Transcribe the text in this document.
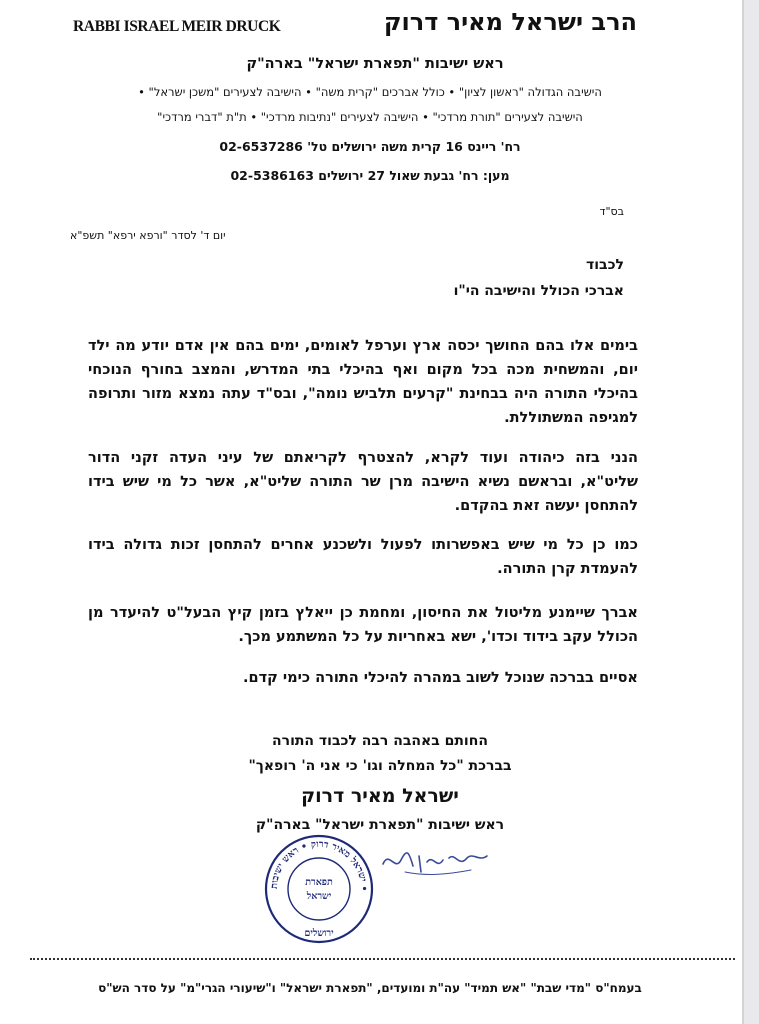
RABBI ISRAEL MEIR DRUCK	הרב ישראל מאיר דרוק
ראש ישיבות "תפארת ישראל" בארה"ק
הישיבה הגדולה "ראשון לציון" • כולל אברכים "קרית משה" • הישיבה לצעירים "משכן ישראל" •
הישיבה לצעירים "תורת מרדכי" • הישיבה לצעירים "נתיבות מרדכי" • ת"ת "דברי מרדכי"
רח' ריינס 16 קרית משה ירושלים טל' 02-6537286
מען: רח' גבעת שאול 27 ירושלים 02-5386163
בס"ד
יום ד' לסדר "ורפא ירפא" תשפ"א
לכבוד
אברכי הכולל והישיבה הי"ו
בימים אלו בהם החושך יכסה ארץ וערפל לאומים, ימים בהם אין אדם יודע מה ילד יום, והמשחית מכה בכל מקום ואף בהיכלי בתי המדרש, והמצב בחורף הנוכחי בהיכלי התורה היה בבחינת "קרעים תלביש נומה", ובס"ד עתה נמצא מזור ותרופה למגיפה המשתוללת.
הנני בזה כיהודה ועוד לקרא, להצטרף לקריאתם של עיני העדה זקני הדור שליט"א, ובראשם נשיא הישיבה מרן שר התורה שליט"א, אשר כל מי שיש בידו להתחסן יעשה זאת בהקדם.
כמו כן כל מי שיש באפשרותו לפעול ולשכנע אחרים להתחסן זכות גדולה בידו להעמדת קרן התורה.
אברך שיימנע מליטול את החיסון, ומחמת כן ייאלץ בזמן קיץ הבעל"ט להיעדר מן הכולל עקב בידוד וכדו', ישא באחריות על כל המשתמע מכך.
אסיים בברכה שנוכל לשוב במהרה להיכלי התורה כימי קדם.
החותם באהבה רבה לכבוד התורה
בברכת "כל המחלה וגו' כי אני ה' רופאך"
ישראל מאיר דרוק
ראש ישיבות "תפארת ישראל" בארה"ק
ישראל מאיר דרוק • ראש ישיבות •
תפארת
ישראל
ירושלים
בעמח"ס "מדי שבת" "אש תמיד" עה"ת ומועדים, "תפארת ישראל" ו"שיעורי הגרי"מ" על סדר הש"ס
